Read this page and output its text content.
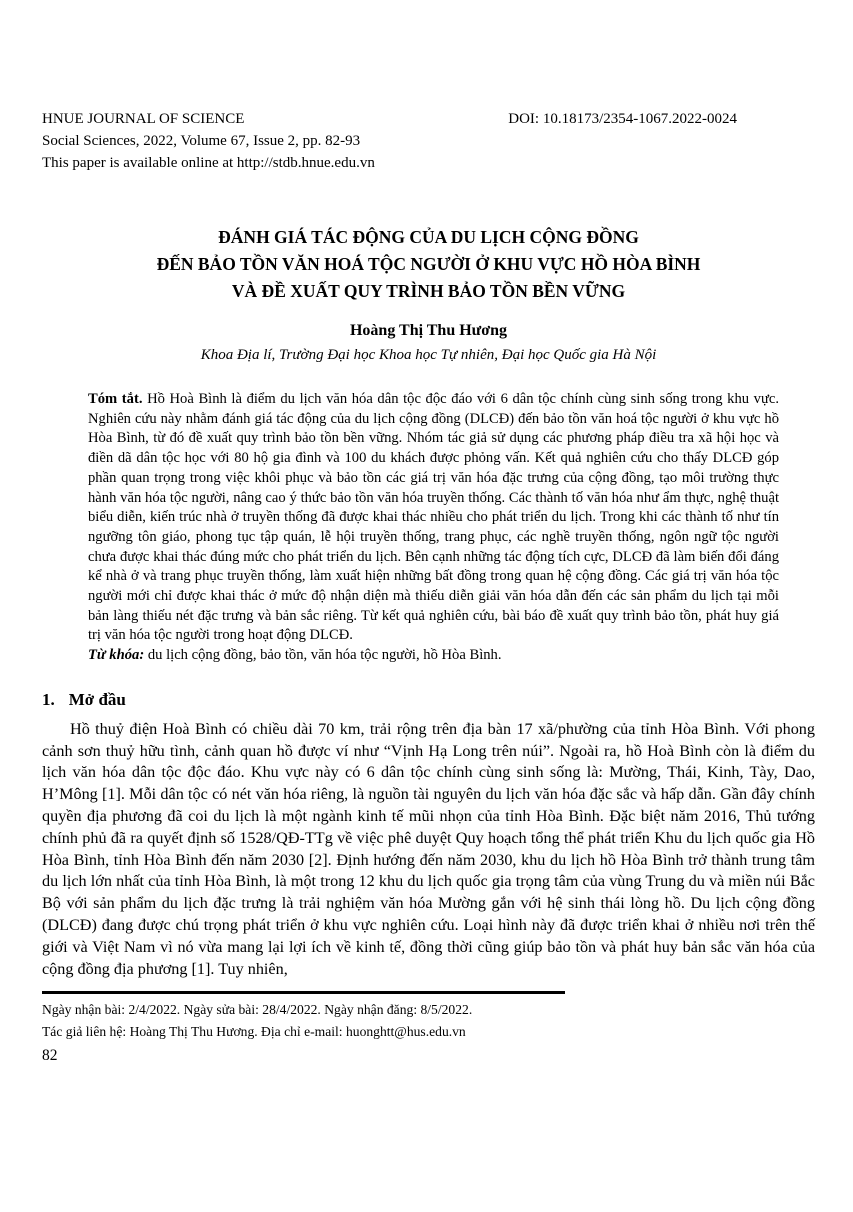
HNUE JOURNAL OF SCIENCE	DOI: 10.18173/2354-1067.2022-0024
Social Sciences, 2022, Volume 67, Issue 2, pp. 82-93
This paper is available online at http://stdb.hnue.edu.vn
ĐÁNH GIÁ TÁC ĐỘNG CỦA DU LỊCH CỘNG ĐỒNG
ĐẾN BẢO TỒN VĂN HOÁ TỘC NGƯỜI Ở KHU VỰC HỒ HÒA BÌNH
VÀ ĐỀ XUẤT QUY TRÌNH BẢO TỒN BỀN VỮNG
Hoàng Thị Thu Hương
Khoa Địa lí, Trường Đại học Khoa học Tự nhiên, Đại học Quốc gia Hà Nội

Tóm tắt. Hồ Hoà Bình là điểm du lịch văn hóa dân tộc độc đáo với 6 dân tộc chính cùng sinh sống trong khu vực. Nghiên cứu này nhằm đánh giá tác động của du lịch cộng đồng (DLCĐ) đến bảo tồn văn hoá tộc người ở khu vực hồ Hòa Bình, từ đó đề xuất quy trình bảo tồn bền vững. Nhóm tác giả sử dụng các phương pháp điều tra xã hội học và điền dã dân tộc học với 80 hộ gia đình và 100 du khách được phỏng vấn. Kết quả nghiên cứu cho thấy DLCĐ góp phần quan trọng trong việc khôi phục và bảo tồn các giá trị văn hóa đặc trưng của cộng đồng, tạo môi trường thực hành văn hóa tộc người, nâng cao ý thức bảo tồn văn hóa truyền thống. Các thành tố văn hóa như ẩm thực, nghệ thuật biểu diễn, kiến trúc nhà ở truyền thống đã được khai thác nhiều cho phát triển du lịch. Trong khi các thành tố như tín ngưỡng tôn giáo, phong tục tập quán, lễ hội truyền thống, trang phục, các nghề truyền thống, ngôn ngữ tộc người chưa được khai thác đúng mức cho phát triển du lịch. Bên cạnh những tác động tích cực, DLCĐ đã làm biến đổi đáng kể nhà ở và trang phục truyền thống, làm xuất hiện những bất đồng trong quan hệ cộng đồng. Các giá trị văn hóa tộc người mới chỉ được khai thác ở mức độ nhận diện mà thiếu diễn giải văn hóa dẫn đến các sản phẩm du lịch tại mỗi bản làng thiếu nét đặc trưng và bản sắc riêng. Từ kết quả nghiên cứu, bài báo đề xuất quy trình bảo tồn, phát huy giá trị văn hóa tộc người trong hoạt động DLCĐ.

Từ khóa: du lịch cộng đồng, bảo tồn, văn hóa tộc người, hồ Hòa Bình.

1. Mở đầu

Hồ thuỷ điện Hoà Bình có chiều dài 70 km, trải rộng trên địa bàn 17 xã/phường của tỉnh Hòa Bình. Với phong cảnh sơn thuỷ hữu tình, cảnh quan hồ được ví như “Vịnh Hạ Long trên núi”. Ngoài ra, hồ Hoà Bình còn là điểm du lịch văn hóa dân tộc độc đáo. Khu vực này có 6 dân tộc chính cùng sinh sống là: Mường, Thái, Kinh, Tày, Dao, H’Mông [1]. Mỗi dân tộc có nét văn hóa riêng, là nguồn tài nguyên du lịch văn hóa đặc sắc và hấp dẫn. Gần đây chính quyền địa phương đã coi du lịch là một ngành kinh tế mũi nhọn của tỉnh Hòa Bình. Đặc biệt năm 2016, Thủ tướng chính phủ đã ra quyết định số 1528/QĐ-TTg về việc phê duyệt Quy hoạch tổng thể phát triển Khu du lịch quốc gia Hồ Hòa Bình, tỉnh Hòa Bình đến năm 2030 [2]. Định hướng đến năm 2030, khu du lịch hồ Hòa Bình trở thành trung tâm du lịch lớn nhất của tỉnh Hòa Bình, là một trong 12 khu du lịch quốc gia trọng tâm của vùng Trung du và miền núi Bắc Bộ với sản phẩm du lịch đặc trưng là trải nghiệm văn hóa Mường gắn với hệ sinh thái lòng hồ. Du lịch cộng đồng (DLCĐ) đang được chú trọng phát triển ở khu vực nghiên cứu. Loại hình này đã được triển khai ở nhiều nơi trên thế giới và Việt Nam vì nó vừa mang lại lợi ích về kinh tế, đồng thời cũng giúp bảo tồn và phát huy bản sắc văn hóa của cộng đồng địa phương [1]. Tuy nhiên,

Ngày nhận bài: 2/4/2022. Ngày sửa bài: 28/4/2022. Ngày nhận đăng: 8/5/2022.
Tác giả liên hệ: Hoàng Thị Thu Hương. Địa chỉ e-mail: huonghtt@hus.edu.vn
82
